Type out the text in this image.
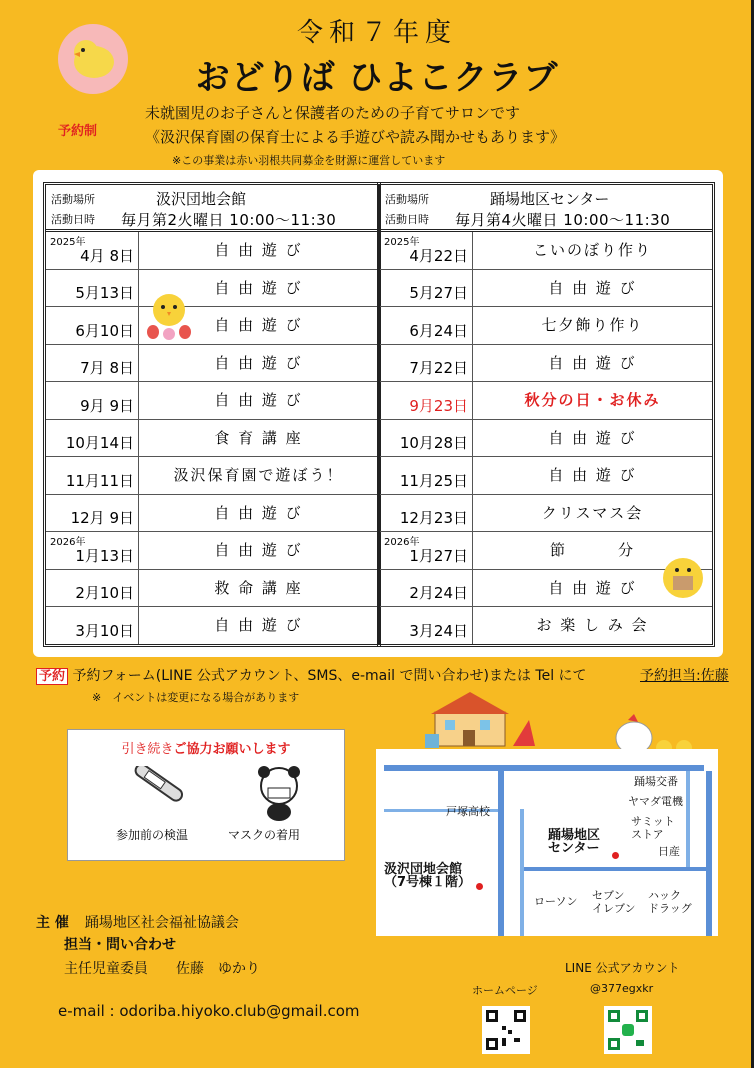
令和７年度
おどりば ひよこクラブ
予約制
未就園児のお子さんと保護者のための子育てサロンです
《汲沢保育園の保育士による手遊びや読み聞かせもあります》
※この事業は赤い羽根共同募金を財源に運営しています
活動場所	汲沢団地会館
活動日時 毎月第2火曜日 10:00～11:30
2025年
4月 8日	自 由 遊 び
5月13日	自 由 遊 び
6月10日	自 由 遊 び
7月 8日	自 由 遊 び
9月 9日	自 由 遊 び
10月14日	食 育 講 座
11月11日	汲沢保育園で遊ぼう！
12月 9日	自 由 遊 び
2026年
1月13日	自 由 遊 び
2月10日	救 命 講 座
3月10日	自 由 遊 び
活動場所	踊場地区センター
活動日時 毎月第4火曜日 10:00～11:30
2025年
4月22日	こいのぼり作り
5月27日	自 由 遊 び
6月24日	七夕飾り作り
7月22日	自 由 遊 び
9月23日	秋分の日・お休み
10月28日	自 由 遊 び
11月25日	自 由 遊 び
12月23日	クリスマス会
2026年
1月27日	節　　　分
2月24日	自 由 遊 び
3月24日	お 楽 し み 会
予約 予約フォーム(LINE 公式アカウント、SMS、e-mail で問い合わせ)または Tel にて	予約担当:佐藤
※　イベントは変更になる場合があります
引き続きご協力お願いします
参加前の検温	マスクの着用
戸塚高校
踊場地区
センター
汲沢団地会館
（7号棟１階）
踊場交番
ヤマダ電機
サミット
ストア
日産
ローソン セブン
イレブン
ハック
ドラッグ
主 催 踊場地区社会福祉協議会
担当・問い合わせ
主任児童委員　　佐藤　ゆかり
e-mail : odoriba.hiyoko.club@gmail.com
LINE 公式アカウント
ホームページ	@377egxkr
